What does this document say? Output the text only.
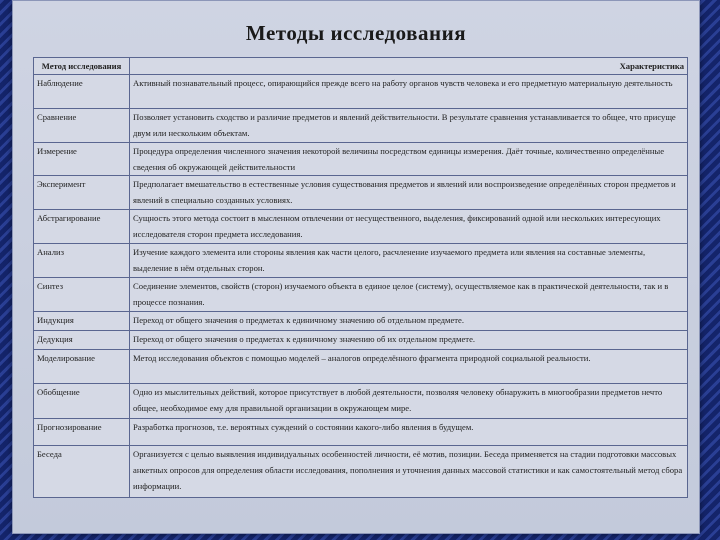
Методы исследования
Метод исследования	Характеристика
Наблюдение	Активный познавательный процесс, опирающийся прежде всего на работу органов чувств человека и его предметную материальную деятельность
Сравнение	Позволяет установить сходство и различие предметов и явлений действительности. В результате сравнения устанавливается то общее, что присуще двум или нескольким объектам.
Измерение	Процедура определения численного значения некоторой величины посредством единицы измерения. Даёт точные, количественно определённые сведения об окружающей действительности
Эксперимент	Предполагает вмешательство в естественные условия существования предметов и явлений или воспроизведение определённых сторон предметов и явлений в специально созданных условиях.
Абстрагирование	Сущность этого метода состоит в мысленном отвлечении от несущественного, выделения, фиксирований одной или нескольких интересующих исследователя сторон предмета исследования.
Анализ	Изучение каждого элемента или стороны явления как части целого, расчленение изучаемого предмета или явления на составные элементы, выделение в нём отдельных сторон.
Синтез	Соединение элементов, свойств (сторон) изучаемого объекта в единое целое (систему), осуществляемое как в практической деятельности, так и в процессе познания.
Индукция	Переход от общего значения о предметах к единичному значению об отдельном предмете.
Дедукция	Переход от общего значения о предметах к единичному значению об их отдельном предмете.
Моделирование	Метод исследования объектов с помощью моделей – аналогов определённого фрагмента природной социальной реальности.
Обобщение	Одно из мыслительных действий, которое присутствует в любой деятельности, позволяя человеку обнаружить в многообразии предметов нечто общее, необходимое ему для правильной организации в окружающем мире.
Прогнозирование	Разработка прогнозов, т.е. вероятных суждений о состоянии какого-либо явления в будущем.
Беседа	Организуется с целью выявления индивидуальных особенностей личности, её мотив, позиции. Беседа применяется на стадии подготовки массовых анкетных опросов для определения области исследования, пополнения и уточнения данных массовой статистики и как самостоятельный метод сбора информации.
